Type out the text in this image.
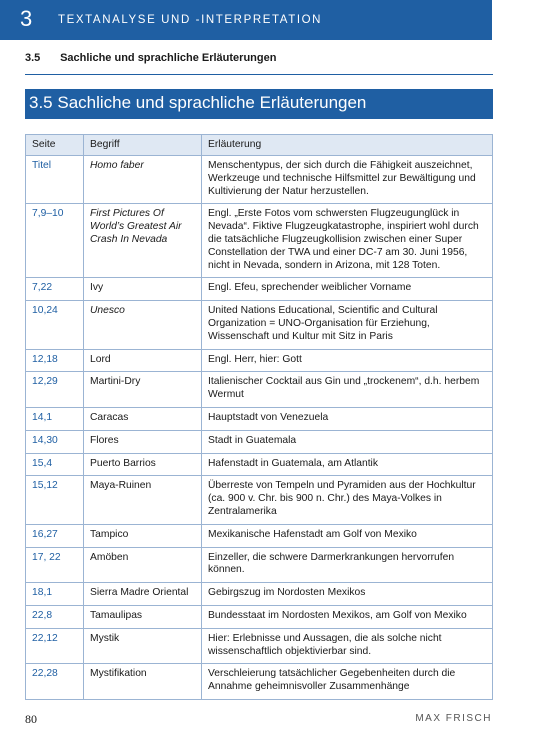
3 TEXTANALYSE UND -INTERPRETATION
3.5 Sachliche und sprachliche Erläuterungen
3.5 Sachliche und sprachliche Erläuterungen
Seite	Begriff	Erläuterung
Titel	Homo faber	Menschentypus, der sich durch die Fähigkeit auszeichnet, Werkzeuge und technische Hilfsmittel zur Bewältigung und Kultivierung der Natur herzustellen.
7,9–10	First Pictures Of World’s Greatest Air Crash In Nevada	Engl. „Erste Fotos vom schwersten Flugzeugunglück in Nevada“. Fiktive Flugzeugkatastrophe, inspiriert wohl durch die tatsächliche Flugzeugkollision zwischen einer Super Constellation der TWA und einer DC-7 am 30. Juni 1956, nicht in Nevada, sondern in Arizona, mit 128 Toten.
7,22	Ivy	Engl. Efeu, sprechender weiblicher Vorname
10,24	Unesco	United Nations Educational, Scientific and Cultural Organization = UNO-Organisation für Erziehung, Wissenschaft und Kultur mit Sitz in Paris
12,18	Lord	Engl. Herr, hier: Gott
12,29	Martini-Dry	Italienischer Cocktail aus Gin und „trockenem“, d.h. herbem Wermut
14,1	Caracas	Hauptstadt von Venezuela
14,30	Flores	Stadt in Guatemala
15,4	Puerto Barrios	Hafenstadt in Guatemala, am Atlantik
15,12	Maya-Ruinen	Überreste von Tempeln und Pyramiden aus der Hochkultur (ca. 900 v. Chr. bis 900 n. Chr.) des Maya-Volkes in Zentralamerika
16,27	Tampico	Mexikanische Hafenstadt am Golf von Mexiko
17, 22	Amöben	Einzeller, die schwere Darmerkrankungen hervorrufen können.
18,1	Sierra Madre Oriental	Gebirgszug im Nordosten Mexikos
22,8	Tamaulipas	Bundesstaat im Nordosten Mexikos, am Golf von Mexiko
22,12	Mystik	Hier: Erlebnisse und Aussagen, die als solche nicht wissenschaftlich objektivierbar sind.
22,28	Mystifikation	Verschleierung tatsächlicher Gegebenheiten durch die Annahme geheimnisvoller Zusammenhänge
80	MAX FRISCH
